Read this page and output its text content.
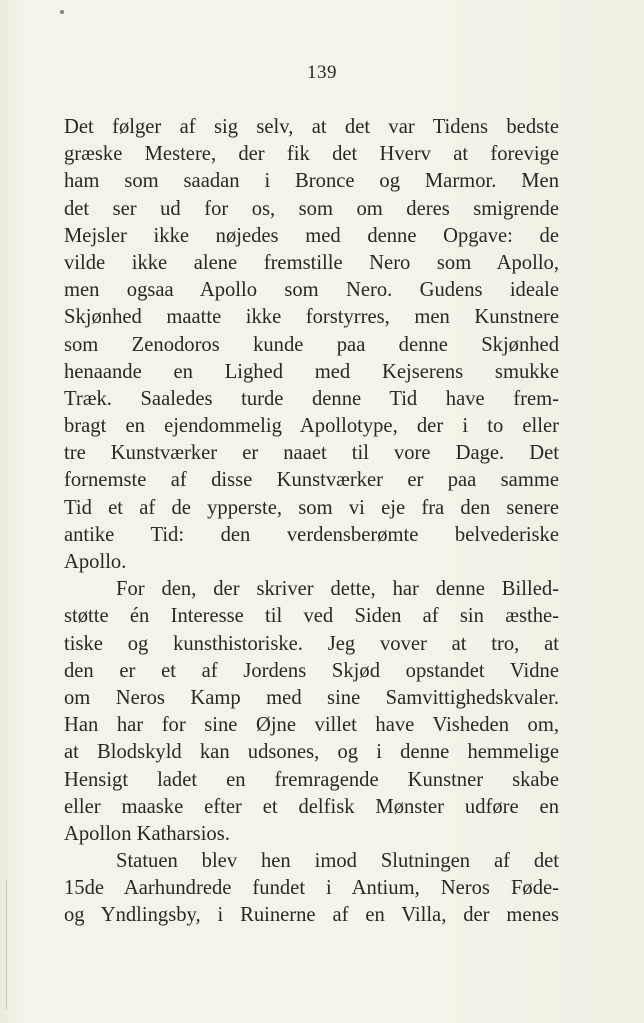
139
Det følger af sig selv, at det var Tidens bedste
græske Mestere, der fik det Hverv at forevige
ham som saadan i Bronce og Marmor. Men
det ser ud for os, som om deres smigrende
Mejsler ikke nøjedes med denne Opgave: de
vilde ikke alene fremstille Nero som Apollo,
men ogsaa Apollo som Nero. Gudens ideale
Skjønhed maatte ikke forstyrres, men Kunstnere
som Zenodoros kunde paa denne Skjønhed
henaande en Lighed med Kejserens smukke
Træk. Saaledes turde denne Tid have frem-
bragt en ejendommelig Apollotype, der i to eller
tre Kunstværker er naaet til vore Dage. Det
fornemste af disse Kunstværker er paa samme
Tid et af de ypperste, som vi eje fra den senere
antike Tid: den verdensberømte belvederiske
Apollo.
For den, der skriver dette, har denne Billed-
støtte én Interesse til ved Siden af sin æsthe-
tiske og kunsthistoriske. Jeg vover at tro, at
den er et af Jordens Skjød opstandet Vidne
om Neros Kamp med sine Samvittighedskvaler.
Han har for sine Øjne villet have Visheden om,
at Blodskyld kan udsones, og i denne hemmelige
Hensigt ladet en fremragende Kunstner skabe
eller maaske efter et delfisk Mønster udføre en
Apollon Katharsios.
Statuen blev hen imod Slutningen af det
15de Aarhundrede fundet i Antium, Neros Føde-
og Yndlingsby, i Ruinerne af en Villa, der menes
